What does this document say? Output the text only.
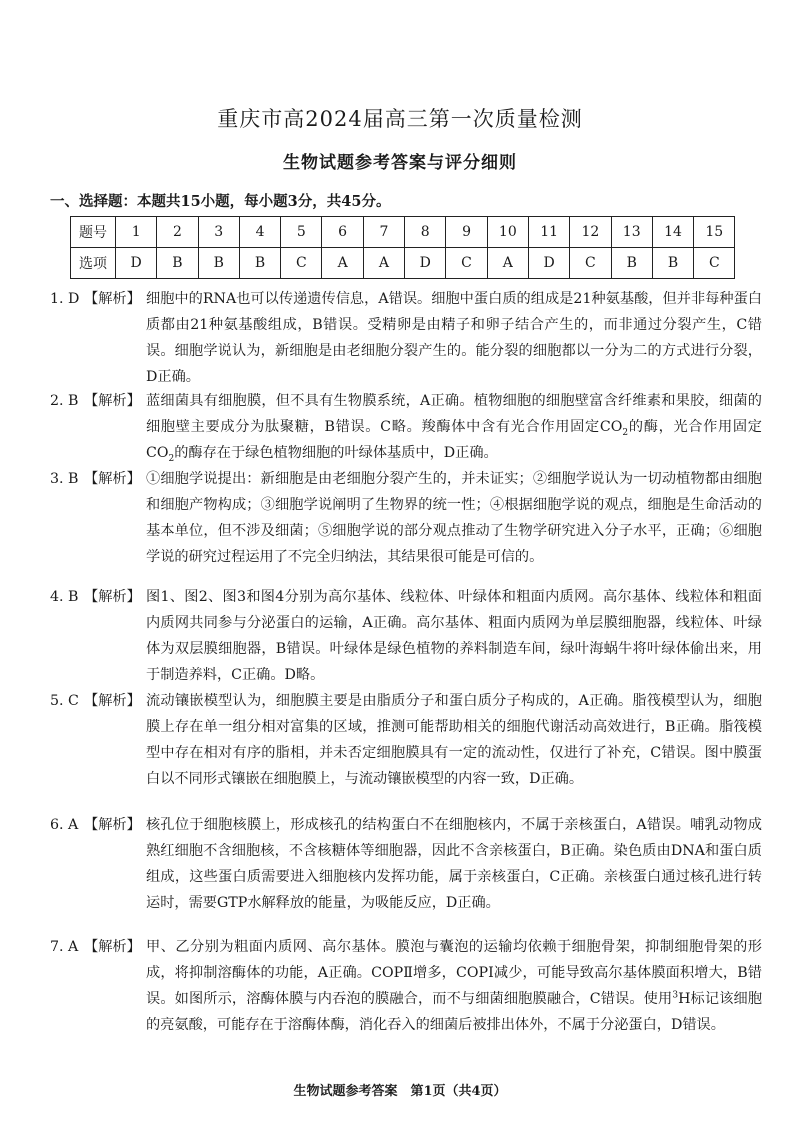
重庆市高2024届高三第一次质量检测
生物试题参考答案与评分细则
一、选择题：本题共15小题，每小题3分，共45分。
题号	1	2	3	4	5	6	7	8	9	10	11	12	13	14	15
选项	D	B	B	B	C	A	A	D	C	A	D	C	B	B	C
1. D 【解析】 细胞中的RNA也可以传递遗传信息，A错误。细胞中蛋白质的组成是21种氨基酸，但并非每种蛋白质都由21种氨基酸组成，B错误。受精卵是由精子和卵子结合产生的，而非通过分裂产生，C错误。细胞学说认为，新细胞是由老细胞分裂产生的。能分裂的细胞都以一分为二的方式进行分裂，D正确。
2. B 【解析】 蓝细菌具有细胞膜，但不具有生物膜系统，A正确。植物细胞的细胞壁富含纤维素和果胶，细菌的细胞壁主要成分为肽聚糖，B错误。C略。羧酶体中含有光合作用固定$CO_2$的酶，光合作用固定$CO_2$的酶存在于绿色植物细胞的叶绿体基质中，D正确。
3. B 【解析】 ①细胞学说提出：新细胞是由老细胞分裂产生的，并未证实；②细胞学说认为一切动植物都由细胞和细胞产物构成；③细胞学说阐明了生物界的统一性；④根据细胞学说的观点，细胞是生命活动的基本单位，但不涉及细菌；⑤细胞学说的部分观点推动了生物学研究进入分子水平，正确；⑥细胞学说的研究过程运用了不完全归纳法，其结果很可能是可信的。
4. B 【解析】 图1、图2、图3和图4分别为高尔基体、线粒体、叶绿体和粗面内质网。高尔基体、线粒体和粗面内质网共同参与分泌蛋白的运输，A正确。高尔基体、粗面内质网为单层膜细胞器，线粒体、叶绿体为双层膜细胞器，B错误。叶绿体是绿色植物的养料制造车间，绿叶海蜗牛将叶绿体偷出来，用于制造养料，C正确。D略。
5. C 【解析】 流动镶嵌模型认为，细胞膜主要是由脂质分子和蛋白质分子构成的，A正确。脂筏模型认为，细胞膜上存在单一组分相对富集的区域，推测可能帮助相关的细胞代谢活动高效进行，B正确。脂筏模型中存在相对有序的脂相，并未否定细胞膜具有一定的流动性，仅进行了补充，C错误。图中膜蛋白以不同形式镶嵌在细胞膜上，与流动镶嵌模型的内容一致，D正确。
6. A 【解析】 核孔位于细胞核膜上，形成核孔的结构蛋白不在细胞核内，不属于亲核蛋白，A错误。哺乳动物成熟红细胞不含细胞核，不含核糖体等细胞器，因此不含亲核蛋白，B正确。染色质由DNA和蛋白质组成，这些蛋白质需要进入细胞核内发挥功能，属于亲核蛋白，C正确。亲核蛋白通过核孔进行转运时，需要GTP水解释放的能量，为吸能反应，D正确。
7. A 【解析】 甲、乙分别为粗面内质网、高尔基体。膜泡与囊泡的运输均依赖于细胞骨架，抑制细胞骨架的形成，将抑制溶酶体的功能，A正确。COPⅡ增多，COPⅠ减少，可能导致高尔基体膜面积增大，B错误。如图所示，溶酶体膜与内吞泡的膜融合，而不与细菌细胞膜融合，C错误。使用$^3$H标记该细胞的亮氨酸，可能存在于溶酶体酶，消化吞入的细菌后被排出体外，不属于分泌蛋白，D错误。
生物试题参考答案　第1页（共4页）
